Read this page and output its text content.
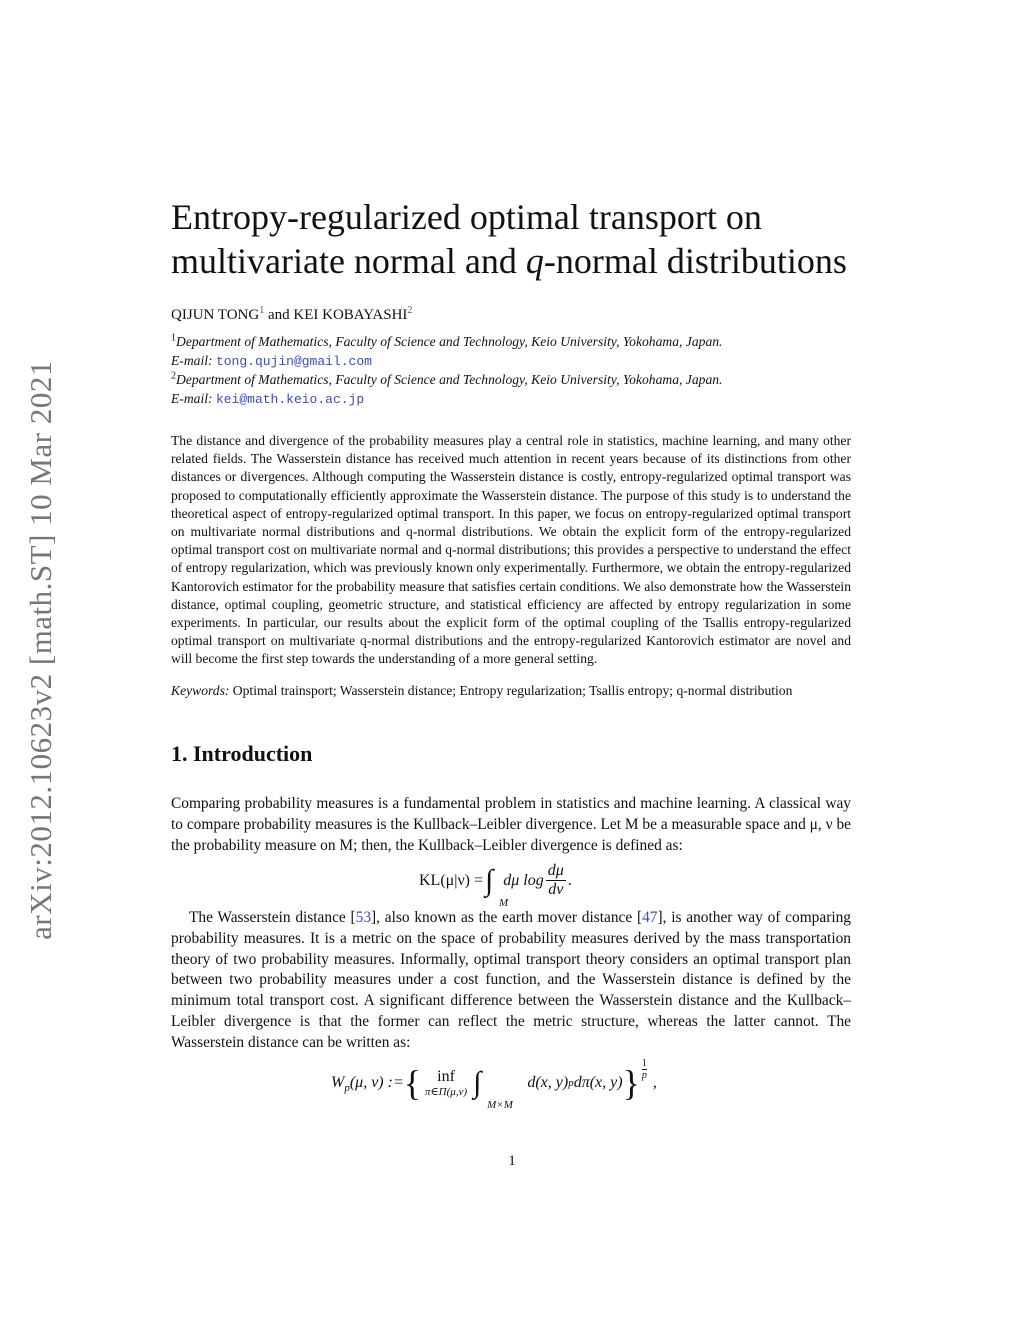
arXiv:2012.10623v2 [math.ST] 10 Mar 2021
Entropy-regularized optimal transport on
multivariate normal and q-normal distributions
QIJUN TONG$^1$ and KEI KOBAYASHI$^2$
$^1$Department of Mathematics, Faculty of Science and Technology, Keio University, Yokohama, Japan.
E-mail: tong.qujin@gmail.com
$^2$Department of Mathematics, Faculty of Science and Technology, Keio University, Yokohama, Japan.
E-mail: kei@math.keio.ac.jp

The distance and divergence of the probability measures play a central role in statistics, machine learning, and many other related fields. The Wasserstein distance has received much attention in recent years because of its distinctions from other distances or divergences. Although computing the Wasserstein distance is costly, entropy-regularized optimal transport was proposed to computationally efficiently approximate the Wasserstein distance. The purpose of this study is to understand the theoretical aspect of entropy-regularized optimal transport. In this paper, we focus on entropy-regularized optimal transport on multivariate normal distributions and q-normal distributions. We obtain the explicit form of the entropy-regularized optimal transport cost on multivariate normal and q-normal distributions; this provides a perspective to understand the effect of entropy regularization, which was previously known only experimentally. Furthermore, we obtain the entropy-regularized Kantorovich estimator for the probability measure that satisfies certain conditions. We also demonstrate how the Wasserstein distance, optimal coupling, geometric structure, and statistical efficiency are affected by entropy regularization in some experiments. In particular, our results about the explicit form of the optimal coupling of the Tsallis entropy-regularized optimal transport on multivariate q-normal distributions and the entropy-regularized Kantorovich estimator are novel and will become the first step towards the understanding of a more general setting.

Keywords: Optimal trainsport; Wasserstein distance; Entropy regularization; Tsallis entropy; q-normal distribution
1. Introduction

Comparing probability measures is a fundamental problem in statistics and machine learning. A classical way to compare probability measures is the Kullback–Leibler divergence. Let M be a measurable space and μ, ν be the probability measure on M; then, the Kullback–Leibler divergence is defined as:

KL(μ|ν) = ∫
M
dμ $\log \frac{d\mu}{d\nu}$ .

The Wasserstein distance [53], also known as the earth mover distance [47], is another way of comparing probability measures. It is a metric on the space of probability measures derived by the mass transportation theory of two probability measures. Informally, optimal transport theory considers an optimal transport plan between two probability measures under a cost function, and the Wasserstein distance is defined by the minimum total transport cost. A significant difference between the Wasserstein distance and the Kullback–Leibler divergence is that the former can reflect the metric structure, whereas the latter cannot. The Wasserstein distance can be written as:

W p (μ, ν) := { inf
π∈Π(μ,ν) ∫
M×M
d(x, y) p dπ(x, y) } 1
p ,
1
